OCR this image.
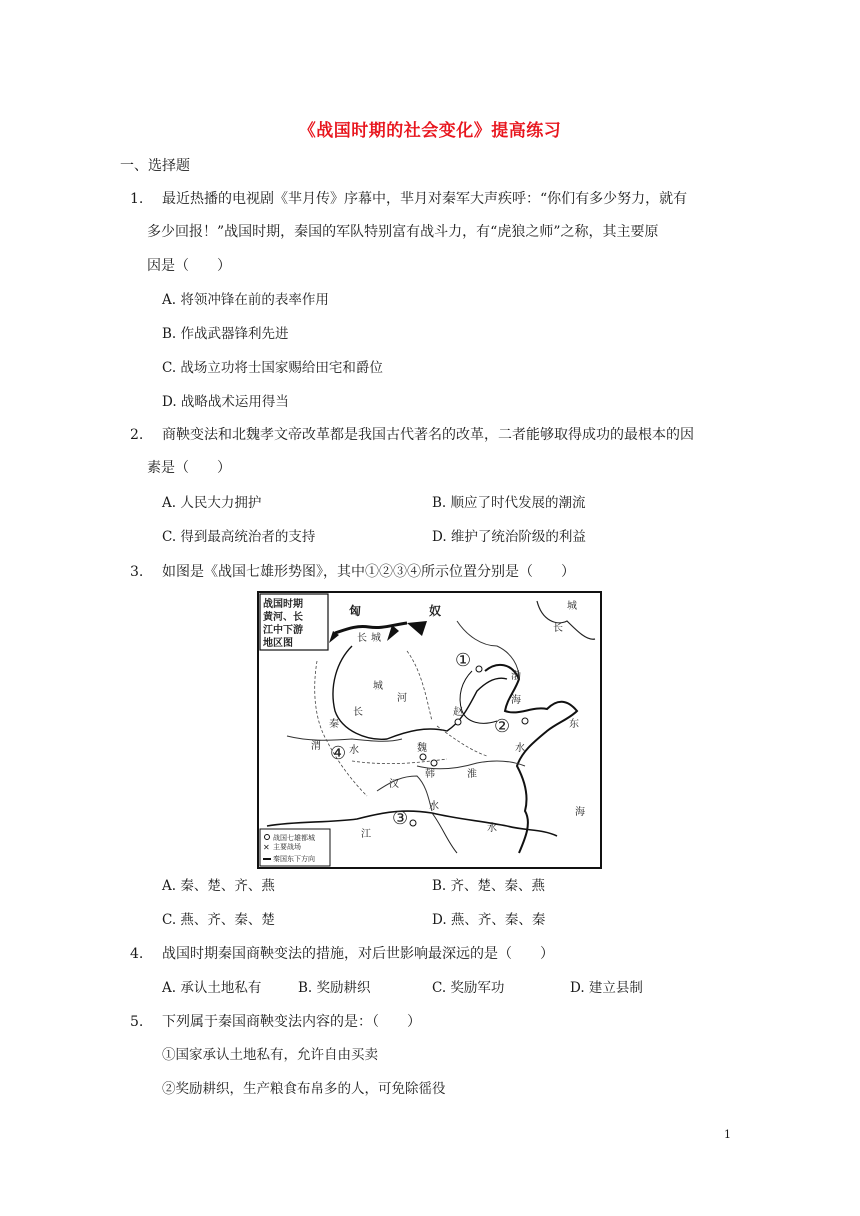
《战国时期的社会变化》提高练习
一、选择题
1. 最近热播的电视剧《芈月传》序幕中，芈月对秦军大声疾呼：“你们有多少努力，就有
多少回报！”战国时期，秦国的军队特别富有战斗力，有“虎狼之师”之称，其主要原
因是（　　）
A. 将领冲锋在前的表率作用
B. 作战武器锋利先进
C. 战场立功将士国家赐给田宅和爵位
D. 战略战术运用得当
2. 商鞅变法和北魏孝文帝改革都是我国古代著名的改革，二者能够取得成功的最根本的因
素是（　　）
A. 人民大力拥护	B. 顺应了时代发展的潮流
C. 得到最高统治者的支持	D. 维护了统治阶级的利益
3. 如图是《战国七雄形势图》，其中①②③④所示位置分别是（　　）
战国时期
黄河、长
江中下游
地区图
匈	奴
长 城
长
城
城
长
河
秦
赵
渭	水	魏
韩	淮
水
汉
水
水
江
渤
海
东
海
①
②
③
④
战国七雄都城
✕ 主要战场
秦国东下方向
A. 秦、楚、齐、燕	B. 齐、楚、秦、燕
C. 燕、齐、秦、楚	D. 燕、齐、秦、秦
4. 战国时期秦国商鞅变法的措施，对后世影响最深远的是（　　）
A. 承认土地私有	B. 奖励耕织	C. 奖励军功	D. 建立县制
5. 下列属于秦国商鞅变法内容的是：（　　）
①国家承认土地私有，允许自由买卖
②奖励耕织，生产粮食布帛多的人，可免除徭役
1
